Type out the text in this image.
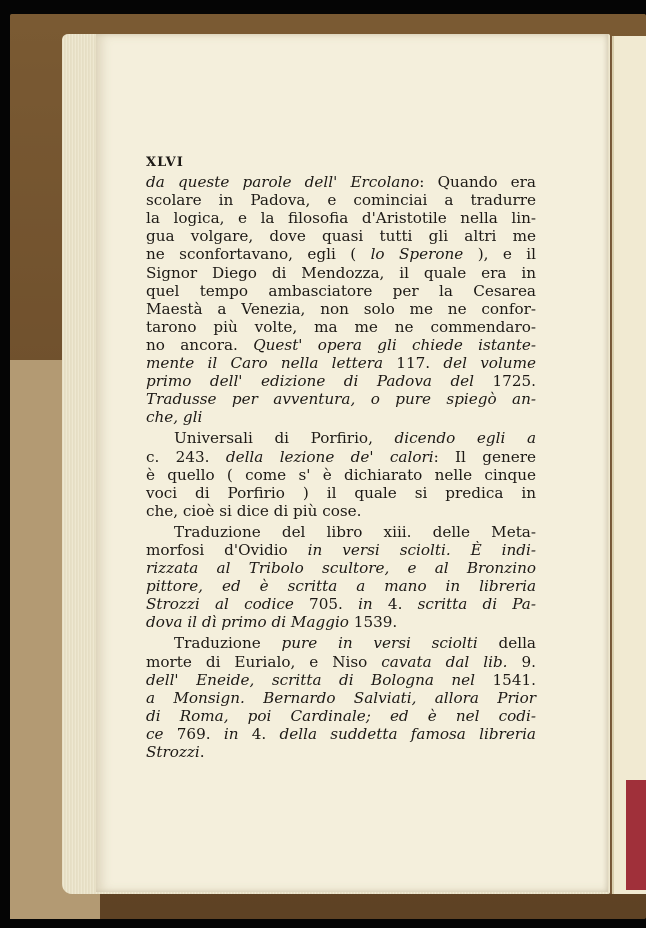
XLVI
da queste parole dell' Ercolano: Quando era
scolare in Padova, e cominciai a tradurre
la logica, e la filosofia d'Aristotile nella lin-
gua volgare, dove quasi tutti gli altri me
ne sconfortavano, egli ( lo Sperone ), e il
Signor Diego di Mendozza, il quale era in
quel tempo ambasciatore per la Cesarea
Maestà a Venezia, non solo me ne confor-
tarono più volte, ma me ne commendaro-
no ancora. Quest' opera gli chiede istante-
mente il Caro nella lettera 117. del volume
primo dell' edizione di Padova del 1725.
Tradusse per avventura, o pure spiegò an-
che, gli
Universali di Porfirio, dicendo egli a
c. 243. della lezione de' calori: Il genere
è quello ( come s' è dichiarato nelle cinque
voci di Porfirio ) il quale si predica in
che, cioè si dice di più cose.
Traduzione del libro xiii. delle Meta-
morfosi d'Ovidio in versi sciolti. È indi-
rizzata al Tribolo scultore, e al Bronzino
pittore, ed è scritta a mano in libreria
Strozzi al codice 705. in 4. scritta di Pa-
dova il dì primo di Maggio 1539.
Traduzione pure in versi sciolti della
morte di Eurialo, e Niso cavata dal lib. 9.
dell' Eneide, scritta di Bologna nel 1541.
a Monsign. Bernardo Salviati, allora Prior
di Roma, poi Cardinale; ed è nel codi-
ce 769. in 4. della suddetta famosa libreria
Strozzi.
